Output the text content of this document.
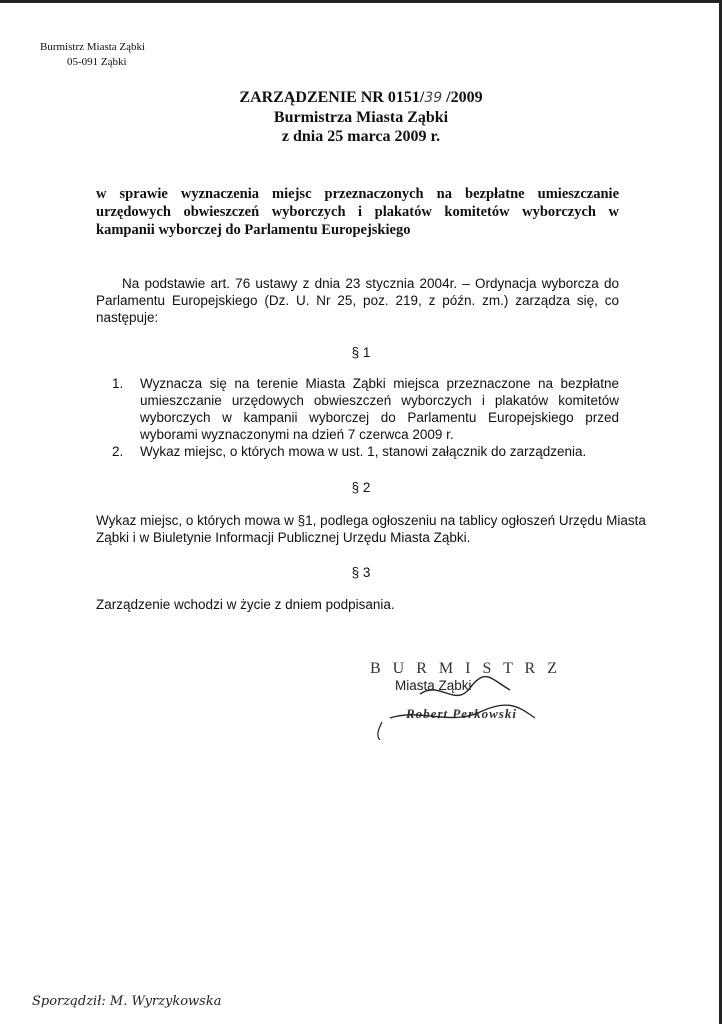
Burmistrz Miasta Ząbki
05-091 Ząbki
ZARZĄDZENIE NR 0151/39 /2009
Burmistrza Miasta Ząbki
z dnia 25 marca 2009 r.
w sprawie wyznaczenia miejsc przeznaczonych na bezpłatne umieszczanie urzędowych obwieszczeń wyborczych i plakatów komitetów wyborczych w kampanii wyborczej do Parlamentu Europejskiego
Na podstawie art. 76 ustawy z dnia 23 stycznia 2004r. – Ordynacja wyborcza do Parlamentu Europejskiego (Dz. U. Nr 25, poz. 219, z późn. zm.) zarządza się, co następuje:
§ 1
1. Wyznacza się na terenie Miasta Ząbki miejsca przeznaczone na bezpłatne umieszczanie urzędowych obwieszczeń wyborczych i plakatów komitetów wyborczych w kampanii wyborczej do Parlamentu Europejskiego przed wyborami wyznaczonymi na dzień 7 czerwca 2009 r.
2. Wykaz miejsc, o których mowa w ust. 1, stanowi załącznik do zarządzenia.
§ 2
Wykaz miejsc, o których mowa w §1, podlega ogłoszeniu na tablicy ogłoszeń Urzędu Miasta Ząbki i w Biuletynie Informacji Publicznej Urzędu Miasta Ząbki.
§ 3
Zarządzenie wchodzi w życie z dniem podpisania.
B U R M I S T R Z
Miasta Ząbki
Robert Perkowski
Sporządził: M. Wyrzykowska
